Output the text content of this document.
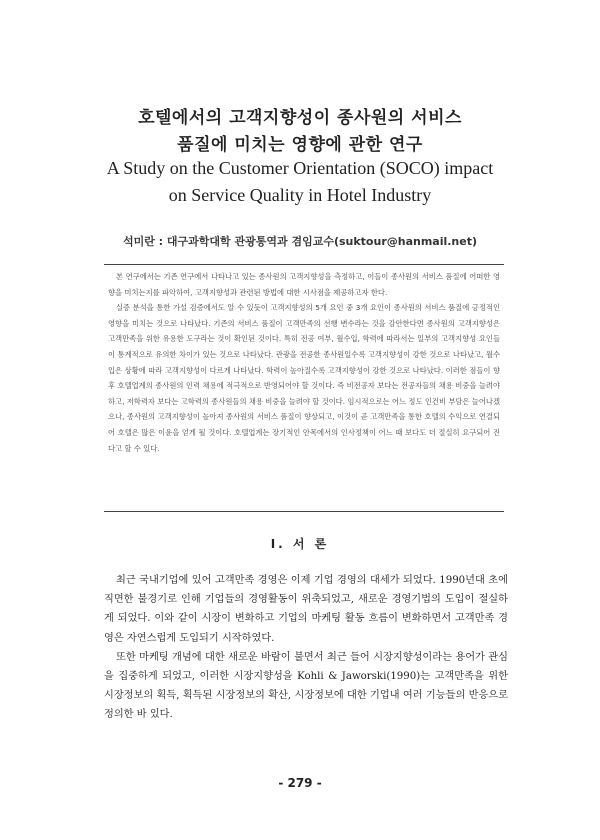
호텔에서의 고객지향성이 종사원의 서비스
품질에 미치는 영향에 관한 연구
A Study on the Customer Orientation (SOCO) impact
on Service Quality in Hotel Industry
석미란 : 대구과학대학 관광통역과 겸임교수(suktour@hanmail.net)

본 연구에서는 기존 연구에서 나타나고 있는 종사원의 고객지향성을 측정하고, 이들이 종사원의 서비스 품질에 어떠한 영향을 미치는지를 파악하여, 고객지향성과 관련된 방법에 대한 시사점을 제공하고자 한다.

실증 분석을 통한 가설 검증에서도 알 수 있듯이 고객지향성의 5개 요인 중 3개 요인이 종사원의 서비스 품질에 긍정적인 영향을 미치는 것으로 나타났다. 기존의 서비스 품질이 고객만족의 선행 변수라는 것을 감안한다면 종사원의 고객지향성은 고객만족을 위한 유용한 도구라는 것이 확인된 것이다. 특히 전공 여부, 월수입, 학력에 따라서는 일부의 고객지향성 요인들이 통계적으로 유의한 차이가 있는 것으로 나타났다. 관광을 전공한 종사원일수록 고객지향성이 강한 것으로 나타났고, 월수입은 상황에 따라 고객지향성이 다르게 나타났다. 학력이 높아질수록 고객지향성이 강한 것으로 나타났다. 이러한 점들이 향후 호텔업계의 종사원의 인력 채용에 적극적으로 반영되어야 할 것이다. 즉 비전공자 보다는 전공자들의 채용 비중을 늘려야 하고, 저학력자 보다는 고학력의 종사원들의 채용 비중을 늘려야 할 것이다. 임시적으로는 어느 정도 인건비 부담은 늘어나겠으나, 종사원의 고객지향성이 높아져 종사원의 서비스 품질이 향상되고, 이것이 곧 고객만족을 통한 호텔의 수익으로 연결되어 호텔은 많은 이윤을 얻게 될 것이다. 호텔업계는 장기적인 안목에서의 인사정책이 어느 때 보다도 더 절실히 요구되어 진다고 할 수 있다.

I. 서 론

최근 국내기업에 있어 고객만족 경영은 이제 기업 경영의 대세가 되었다. 1990년대 초에 직면한 불경기로 인해 기업들의 경영활동이 위축되었고, 새로운 경영기법의 도입이 절실하게 되었다. 이와 같이 시장이 변화하고 기업의 마케팅 활동 흐름이 변화하면서 고객만족 경영은 자연스럽게 도입되기 시작하였다.

또한 마케팅 개념에 대한 새로운 바람이 불면서 최근 들어 시장지향성이라는 용어가 관심을 집중하게 되었고, 이러한 시장지향성을 Kohli & Jaworski(1990)는 고객만족을 위한 시장정보의 획득, 획득된 시장정보의 확산, 시장정보에 대한 기업내 여러 기능들의 반응으로 정의한 바 있다.

- 279 -
